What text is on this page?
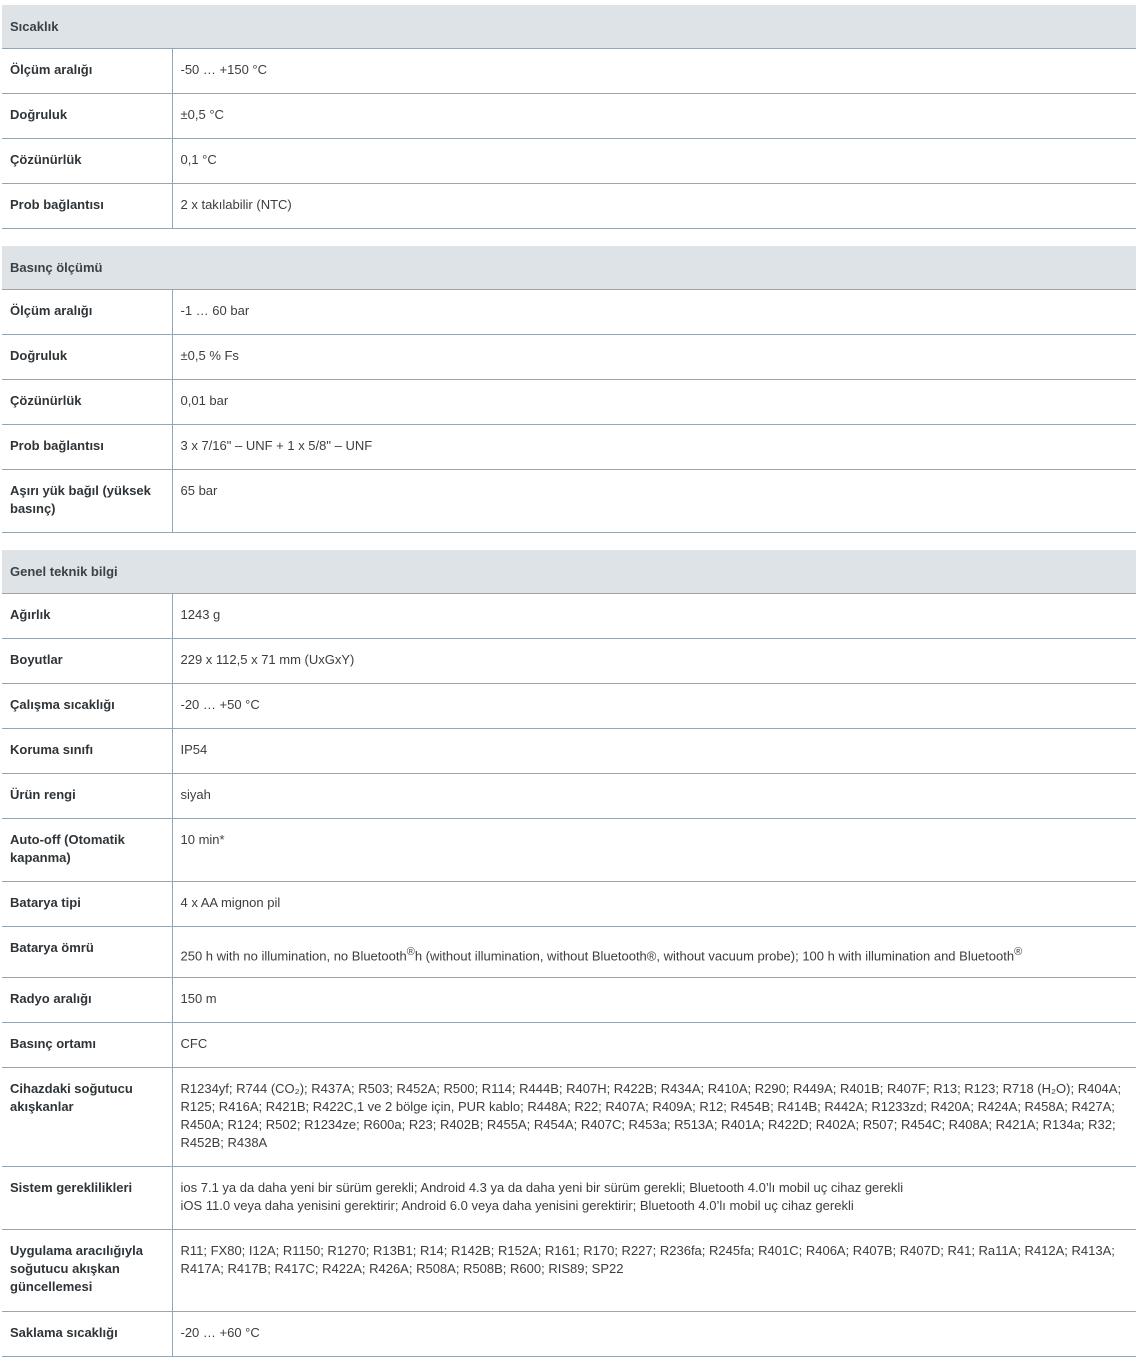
Sıcaklık	
Ölçüm aralığı	-50 … +150 °C
Doğruluk	±0,5 °C
Çözünürlük	0,1 °C
Prob bağlantısı	2 x takılabilir (NTC)
Basınç ölçümü	
Ölçüm aralığı	-1 … 60 bar
Doğruluk	±0,5 % Fs
Çözünürlük	0,01 bar
Prob bağlantısı	3 x 7/16" – UNF + 1 x 5/8" – UNF
Aşırı yük bağıl (yüksek basınç)	65 bar
Genel teknik bilgi	
Ağırlık	1243 g
Boyutlar	229 x 112,5 x 71 mm (UxGxY)
Çalışma sıcaklığı	-20 … +50 °C
Koruma sınıfı	IP54
Ürün rengi	siyah
Auto-off (Otomatik kapanma)	10 min*
Batarya tipi	4 x AA mignon pil
Batarya ömrü	250 h with no illumination, no Bluetooth®h (without illumination, without Bluetooth®, without vacuum probe); 100 h with illumination and Bluetooth®
Radyo aralığı	150 m
Basınç ortamı	CFC
Cihazdaki soğutucu akışkanlar	R1234yf; R744 (CO₂); R437A; R503; R452A; R500; R114; R444B; R407H; R422B; R434A; R410A; R290; R449A; R401B; R407F; R13; R123; R718 (H₂O); R404A; R125; R416A; R421B; R422C,1 ve 2 bölge için, PUR kablo; R448A; R22; R407A; R409A; R12; R454B; R414B; R442A; R1233zd; R420A; R424A; R458A; R427A; R450A; R124; R502; R1234ze; R600a; R23; R402B; R455A; R454A; R407C; R453a; R513A; R401A; R422D; R402A; R507; R454C; R408A; R421A; R134a; R32; R452B; R438A
Sistem gereklilikleri	ios 7.1 ya da daha yeni bir sürüm gerekli; Android 4.3 ya da daha yeni bir sürüm gerekli; Bluetooth 4.0’lı mobil uç cihaz gerekli
iOS 11.0 veya daha yenisini gerektirir; Android 6.0 veya daha yenisini gerektirir; Bluetooth 4.0’lı mobil uç cihaz gerekli

Uygulama aracılığıyla soğutucu akışkan güncellemesi	R11; FX80; I12A; R1150; R1270; R13B1; R14; R142B; R152A; R161; R170; R227; R236fa; R245fa; R401C; R406A; R407B; R407D; R41; Ra11A; R412A; R413A; R417A; R417B; R417C; R422A; R426A; R508A; R508B; R600; RIS89; SP22
Saklama sıcaklığı	-20 … +60 °C
